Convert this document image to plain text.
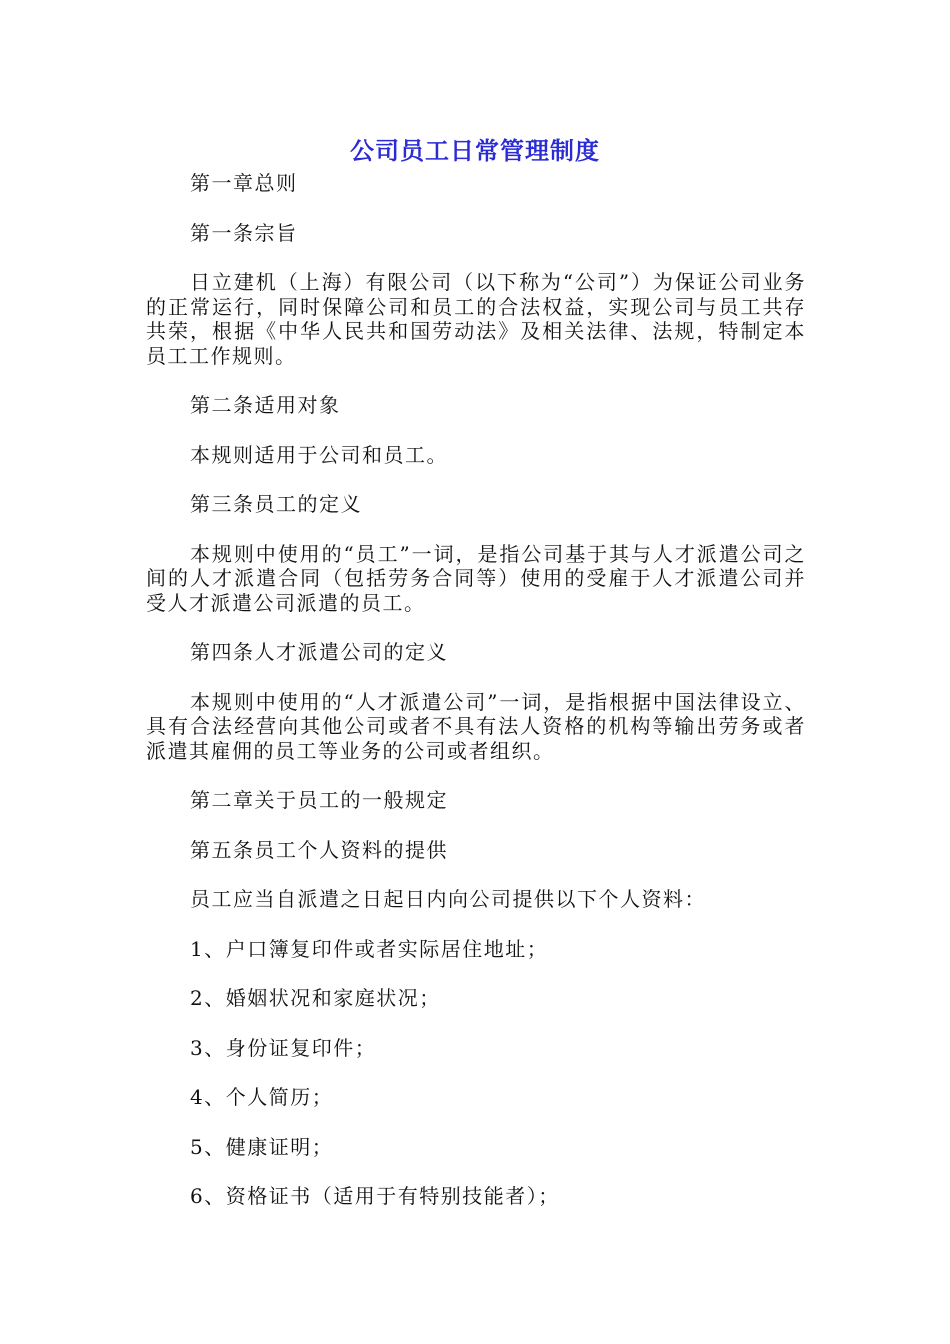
公司员工日常管理制度

第一章总则

第一条宗旨

日立建机（上海）有限公司（以下称为“公司”）为保证公司业务的正常运行，同时保障公司和员工的合法权益，实现公司与员工共存共荣，根据《中华人民共和国劳动法》及相关法律、法规，特制定本员工工作规则。

第二条适用对象

本规则适用于公司和员工。

第三条员工的定义

本规则中使用的“员工”一词，是指公司基于其与人才派遣公司之间的人才派遣合同（包括劳务合同等）使用的受雇于人才派遣公司并受人才派遣公司派遣的员工。

第四条人才派遣公司的定义

本规则中使用的“人才派遣公司”一词，是指根据中国法律设立、具有合法经营向其他公司或者不具有法人资格的机构等输出劳务或者派遣其雇佣的员工等业务的公司或者组织。

第二章关于员工的一般规定

第五条员工个人资料的提供

员工应当自派遣之日起日内向公司提供以下个人资料：

1、户口簿复印件或者实际居住地址；

2、婚姻状况和家庭状况；

3、身份证复印件；

4、个人简历；

5、健康证明；

6、资格证书（适用于有特别技能者）；
